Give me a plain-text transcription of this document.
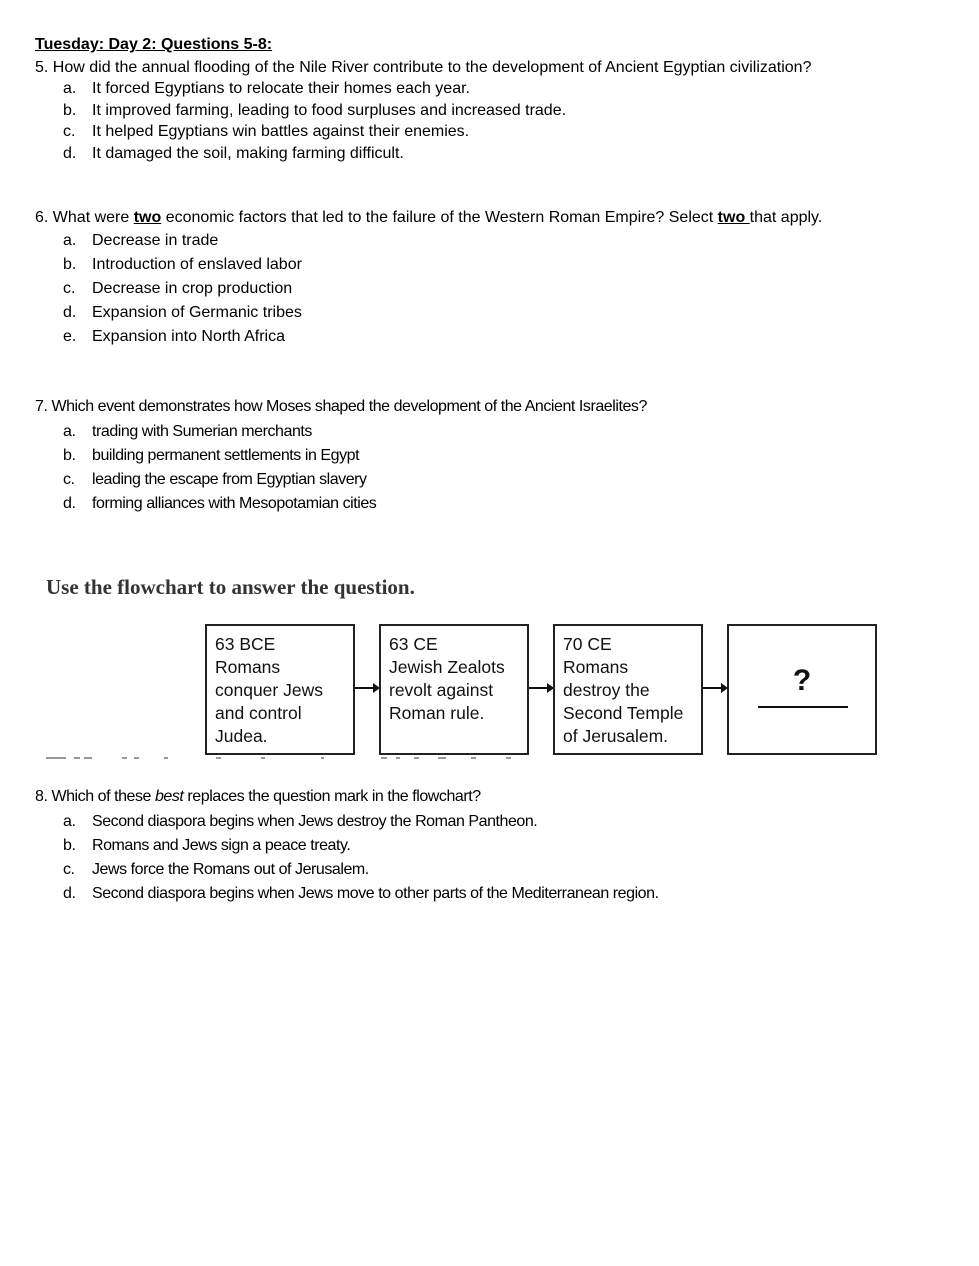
Tuesday: Day 2: Questions 5-8:
5. How did the annual flooding of the Nile River contribute to the development of Ancient Egyptian civilization?
a. It forced Egyptians to relocate their homes each year.
b. It improved farming, leading to food surpluses and increased trade.
c. It helped Egyptians win battles against their enemies.
d. It damaged the soil, making farming difficult.
6. What were two economic factors that led to the failure of the Western Roman Empire? Select two that apply.
a. Decrease in trade
b. Introduction of enslaved labor
c. Decrease in crop production
d. Expansion of Germanic tribes
e. Expansion into North Africa
7. Which event demonstrates how Moses shaped the development of the Ancient Israelites?
a. trading with Sumerian merchants
b. building permanent settlements in Egypt
c. leading the escape from Egyptian slavery
d. forming alliances with Mesopotamian cities
Use the flowchart to answer the question.
63 BCE
Romans
conquer Jews
and control
Judea.
63 CE
Jewish Zealots
revolt against
Roman rule.
70 CE
Romans
destroy the
Second Temple
of Jerusalem.
?
8. Which of these best replaces the question mark in the flowchart?
a. Second diaspora begins when Jews destroy the Roman Pantheon.
b. Romans and Jews sign a peace treaty.
c. Jews force the Romans out of Jerusalem.
d. Second diaspora begins when Jews move to other parts of the Mediterranean region.
